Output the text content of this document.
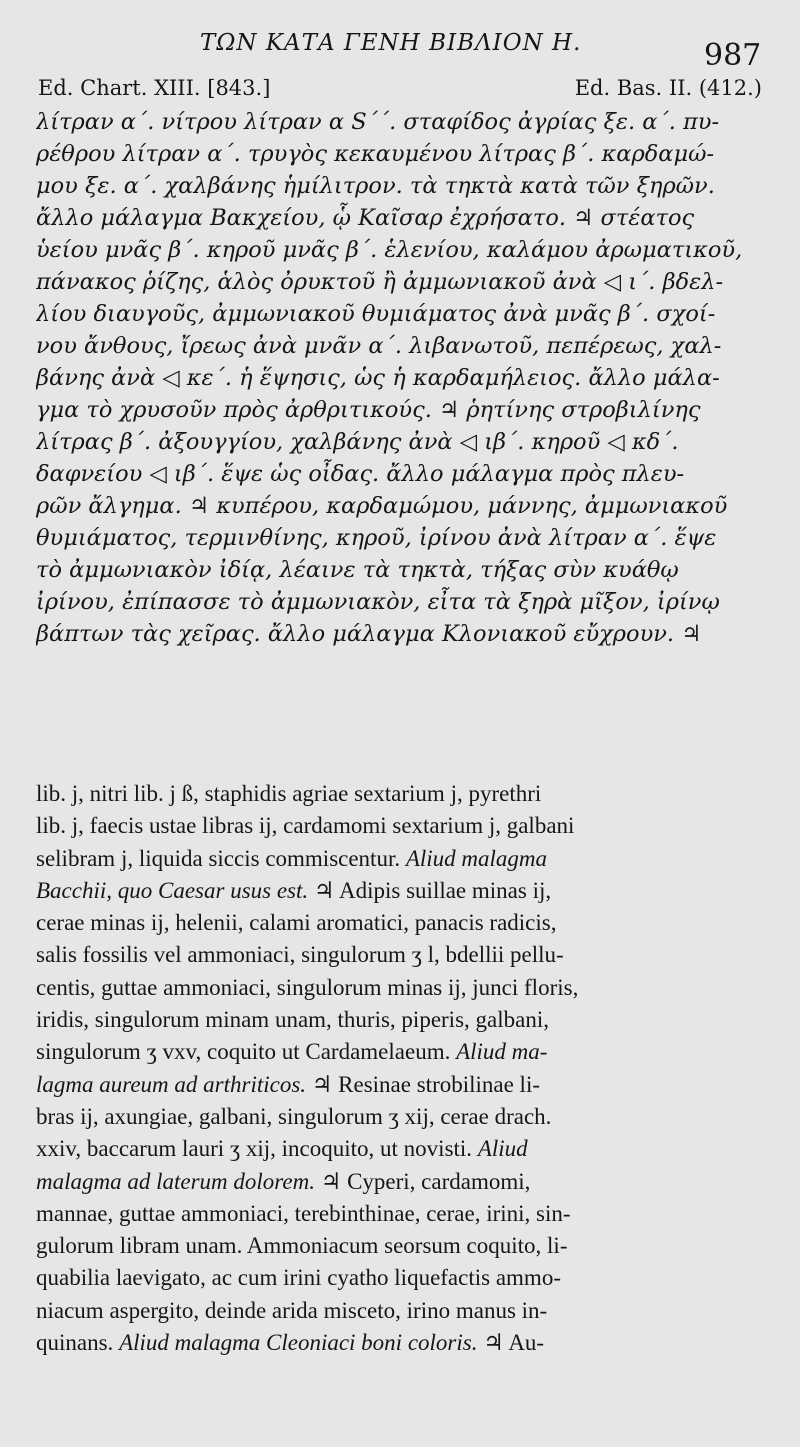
ΤΩΝ ΚΑΤΑ ΓΕΝΗ ΒΙΒΛΙΟΝ Η.	987
Ed. Chart. XIII. [843.]	Ed. Bas. II. (412.)
λίτραν α΄. νίτρου λίτραν α S΄΄. σταφίδος ἀγρίας ξε. α΄. πυ-
ρέθρου λίτραν α΄. τρυγὸς κεκαυμένου λίτρας β΄. καρδαμώ-
μου ξε. α΄. χαλβάνης ἡμίλιτρον. τὰ τηκτὰ κατὰ τῶν ξηρῶν.
ἄλλο μάλαγμα Βακχείου, ᾧ Καῖσαρ ἐχρήσατο. ♃ στέατος
ὑείου μνᾶς β΄. κηροῦ μνᾶς β΄. ἑλενίου, καλάμου ἀρωματικοῦ,
πάνακος ῥίζης, ἁλὸς ὀρυκτοῦ ἢ ἀμμωνιακοῦ ἀνὰ ◁ ι΄. βδελ-
λίου διαυγοῦς, ἀμμωνιακοῦ θυμιάματος ἀνὰ μνᾶς β΄. σχοί-
νου ἄνθους, ἴρεως ἀνὰ μνᾶν α΄. λιβανωτοῦ, πεπέρεως, χαλ-
βάνης ἀνὰ ◁ κε΄. ἡ ἕψησις, ὡς ἡ καρδαμήλειος. ἄλλο μάλα-
γμα τὸ χρυσοῦν πρὸς ἀρθριτικούς. ♃ ῥητίνης στροβιλίνης
λίτρας β΄. ἀξουγγίου, χαλβάνης ἀνὰ ◁ ιβ΄. κηροῦ ◁ κδ΄.
δαφνείου ◁ ιβ΄. ἕψε ὡς οἶδας. ἄλλο μάλαγμα πρὸς πλευ-
ρῶν ἄλγημα. ♃ κυπέρου, καρδαμώμου, μάννης, ἀμμωνιακοῦ
θυμιάματος, τερμινθίνης, κηροῦ, ἰρίνου ἀνὰ λίτραν α΄. ἕψε
τὸ ἀμμωνιακὸν ἰδίᾳ, λέαινε τὰ τηκτὰ, τήξας σὺν κυάθῳ
ἰρίνου, ἐπίπασσε τὸ ἀμμωνιακὸν, εἶτα τὰ ξηρὰ μῖξον, ἰρίνῳ
βάπτων τὰς χεῖρας. ἄλλο μάλαγμα Κλονιακοῦ εὔχρουν. ♃
lib. j, nitri lib. j ß, staphidis agriae sextarium j, pyrethri
lib. j, faecis ustae libras ij, cardamomi sextarium j, galbani
selibram j, liquida siccis commiscentur. Aliud malagma
Bacchii, quo Caesar usus est. ♃ Adipis suillae minas ij,
cerae minas ij, helenii, calami aromatici, panacis radicis,
salis fossilis vel ammoniaci, singulorum ʒ l, bdellii pellu-
centis, guttae ammoniaci, singulorum minas ij, junci floris,
iridis, singulorum minam unam, thuris, piperis, galbani,
singulorum ʒ vxv, coquito ut Cardamelaeum. Aliud ma-
lagma aureum ad arthriticos. ♃ Resinae strobilinae li-
bras ij, axungiae, galbani, singulorum ʒ xij, cerae drach.
xxiv, baccarum lauri ʒ xij, incoquito, ut novisti. Aliud
malagma ad laterum dolorem. ♃ Cyperi, cardamomi,
mannae, guttae ammoniaci, terebinthinae, cerae, irini, sin-
gulorum libram unam. Ammoniacum seorsum coquito, li-
quabilia laevigato, ac cum irini cyatho liquefactis ammo-
niacum aspergito, deinde arida misceto, irino manus in-
quinans. Aliud malagma Cleoniaci boni coloris. ♃ Au-
